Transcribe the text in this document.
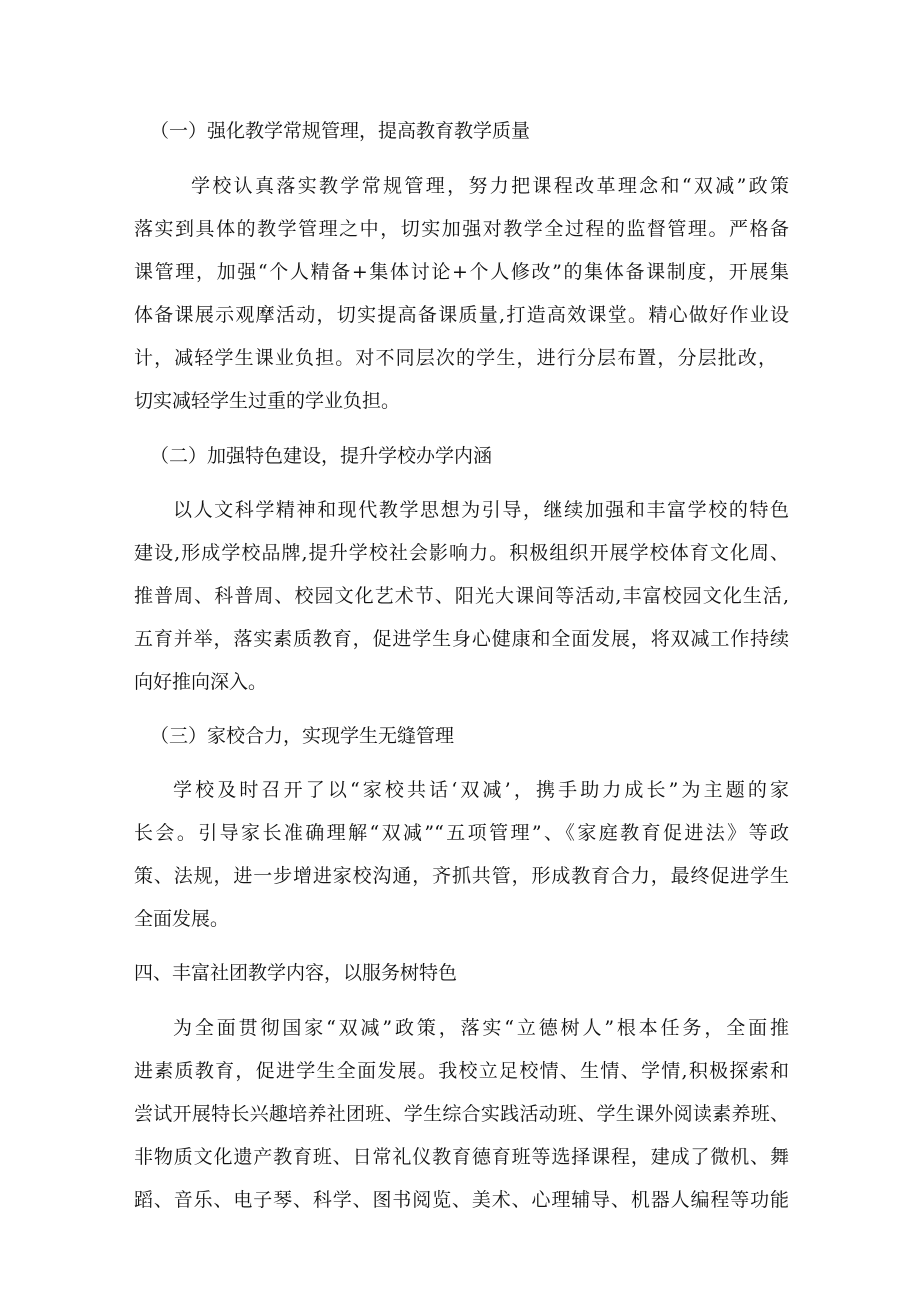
（一）强化教学常规管理，提高教育教学质量
学校认真落实教学常规管理，努力把课程改革理念和“双减”政策
落实到具体的教学管理之中，切实加强对教学全过程的监督管理。严格备
课管理，加强“个人精备+集体讨论+个人修改”的集体备课制度，开展集
体备课展示观摩活动，切实提高备课质量,打造高效课堂。精心做好作业设
计，减轻学生课业负担。对不同层次的学生，进行分层布置，分层批改，
切实减轻学生过重的学业负担。
（二）加强特色建设，提升学校办学内涵
以人文科学精神和现代教学思想为引导，继续加强和丰富学校的特色
建设,形成学校品牌,提升学校社会影响力。积极组织开展学校体育文化周、
推普周、科普周、校园文化艺术节、阳光大课间等活动,丰富校园文化生活,
五育并举，落实素质教育，促进学生身心健康和全面发展，将双减工作持续
向好推向深入。
（三）家校合力，实现学生无缝管理
学校及时召开了以“家校共话‘双减’，携手助力成长”为主题的家
长会。引导家长准确理解“双减”“五项管理”、《家庭教育促进法》等政
策、法规，进一步增进家校沟通，齐抓共管，形成教育合力，最终促进学生
全面发展。
四、丰富社团教学内容，以服务树特色
为全面贯彻国家“双减”政策，落实“立德树人”根本任务，全面推
进素质教育，促进学生全面发展。我校立足校情、生情、学情,积极探索和
尝试开展特长兴趣培养社团班、学生综合实践活动班、学生课外阅读素养班、
非物质文化遗产教育班、日常礼仪教育德育班等选择课程，建成了微机、舞
蹈、音乐、电子琴、科学、图书阅览、美术、心理辅导、机器人编程等功能
